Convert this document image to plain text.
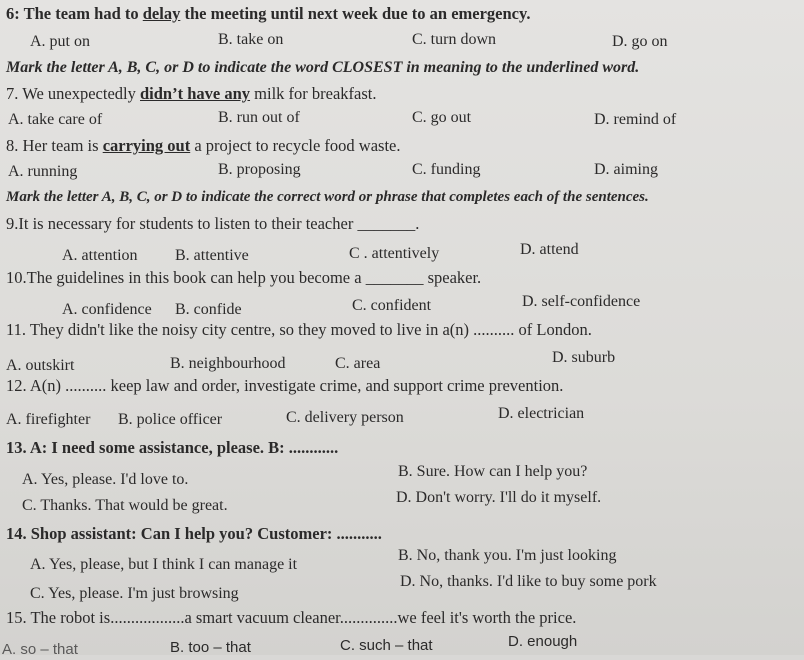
6: The team had to delay the meeting until next week due to an emergency.
A. put on	B. take on	C. turn down	D. go on
Mark the letter A, B, C, or D to indicate the word CLOSEST in meaning to the underlined word.
7. We unexpectedly didn’t have any milk for breakfast.
A. take care of	B. run out of	C. go out	D. remind of
8. Her team is carrying out a project to recycle food waste.
A. running	B. proposing	C. funding	D. aiming
Mark the letter A, B, C, or D to indicate the correct word or phrase that completes each of the sentences.
9.It is necessary for students to listen to their teacher _______.
A. attention B. attentive	C . attentively	D. attend
10.The guidelines in this book can help you become a _______ speaker.
A. confidence B. confide	C. confident	D. self-confidence
11. They didn't like the noisy city centre, so they moved to live in a(n) .......... of London.
A. outskirt	B. neighbourhood	C. area	D. suburb
12. A(n) .......... keep law and order, investigate crime, and support crime prevention.
A. firefighter B. police officer	C. delivery person	D. electrician
13. A: I need some assistance, please. B: ............
A. Yes, please. I'd love to.	B. Sure. How can I help you?
C. Thanks. That would be great.	D. Don't worry. I'll do it myself.
14. Shop assistant: Can I help you? Customer: ...........
A. Yes, please, but I think I can manage it
B. No, thank you. I'm just looking
C. Yes, please. I'm just browsing
D. No, thanks. I'd like to buy some pork
15. The robot is..................a smart vacuum cleaner..............we feel it's worth the price.
A. so – that	B. too – that	C. such – that	D. enough
